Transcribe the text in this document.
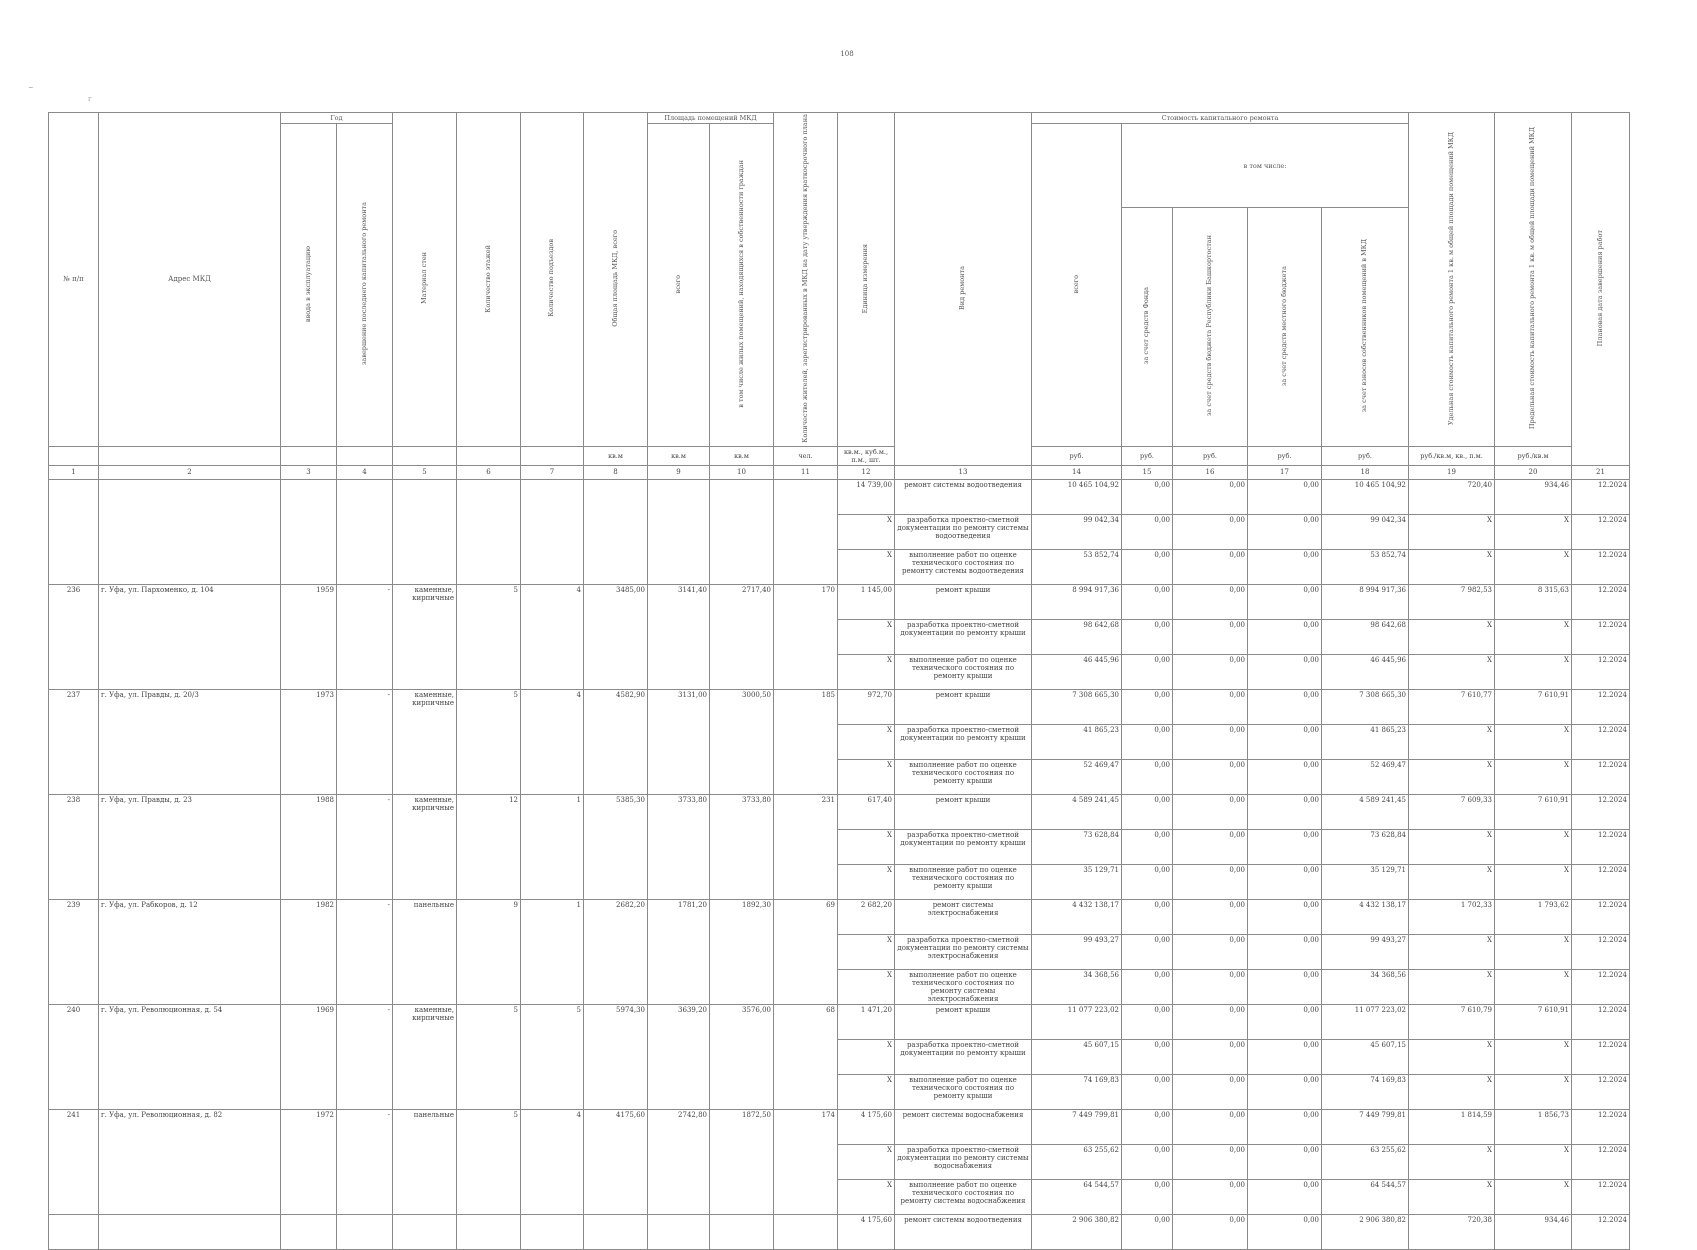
108
~
r
№ п/п	Адрес МКД	Год		Материал стен	Количество этажей	Количество подъездов	Общая площадь МКД, всего	Площадь помещений МКД		Количество жителей, зарегистрированных в МКД на дату утверждения краткосрочного плана	Единица измерения	Вид ремонта	Стоимость капитального ремонта					Удельная стоимость капитального ремонта 1 кв. м общей площади помещений МКД	Предельная стоимость капитального ремонта 1 кв. м общей площади помещений МКД	Плановая дата завершения работ
		ввода в эксплуатацию	завершение последнего капитального ремонта					всего	в том числе жилых помещений, находящихся в собственности граждан				всего	в том числе:						
														за счет средств Фонда	за счет средств бюджета Республики Башкортостан	за счет средств местного бюджета	за счет взносов собственников помещений в МКД			
							кв.м	кв.м	кв.м	чел.	кв.м., куб.м., п.м., шт.		руб.	руб.	руб.	руб.	руб.	руб./кв.м, кв., п.м.	руб./кв.м	
1	2	3	4	5	6	7	8	9	10	11	12	13	14	15	16	17	18	19	20	21
											14 739,00	ремонт системы водоотведения	10 465 104,92	0,00	0,00	0,00	10 465 104,92	720,40	934,46	12.2024
											X	разработка проектно-сметной документации по ремонту системы водоотведения	99 042,34	0,00	0,00	0,00	99 042,34	X	X	12.2024
											X	выполнение работ по оценке технического состояния по ремонту системы водоотведения	53 852,74	0,00	0,00	0,00	53 852,74	X	X	12.2024
236	г. Уфа, ул. Пархоменко, д. 104	1959	-	каменные, кирпичные	5	4	3485,00	3141,40	2717,40	170	1 145,00	ремонт крыши	8 994 917,36	0,00	0,00	0,00	8 994 917,36	7 982,53	8 315,63	12.2024
											X	разработка проектно-сметной документации по ремонту крыши	98 642,68	0,00	0,00	0,00	98 642,68	X	X	12.2024
											X	выполнение работ по оценке технического состояния по ремонту крыши	46 445,96	0,00	0,00	0,00	46 445,96	X	X	12.2024
237	г. Уфа, ул. Правды, д. 20/3	1973	-	каменные, кирпичные	5	4	4582,90	3131,00	3000,50	185	972,70	ремонт крыши	7 308 665,30	0,00	0,00	0,00	7 308 665,30	7 610,77	7 610,91	12.2024
											X	разработка проектно-сметной документации по ремонту крыши	41 865,23	0,00	0,00	0,00	41 865,23	X	X	12.2024
											X	выполнение работ по оценке технического состояния по ремонту крыши	52 469,47	0,00	0,00	0,00	52 469,47	X	X	12.2024
238	г. Уфа, ул. Правды, д. 23	1988	-	каменные, кирпичные	12	1	5385,30	3733,80	3733,80	231	617,40	ремонт крыши	4 589 241,45	0,00	0,00	0,00	4 589 241,45	7 609,33	7 610,91	12.2024
											X	разработка проектно-сметной документации по ремонту крыши	73 628,84	0,00	0,00	0,00	73 628,84	X	X	12.2024
											X	выполнение работ по оценке технического состояния по ремонту крыши	35 129,71	0,00	0,00	0,00	35 129,71	X	X	12.2024
239	г. Уфа, ул. Рабкоров, д. 12	1982	-	панельные	9	1	2682,20	1781,20	1892,30	69	2 682,20	ремонт системы электроснабжения	4 432 138,17	0,00	0,00	0,00	4 432 138,17	1 702,33	1 793,62	12.2024
											X	разработка проектно-сметной документации по ремонту системы электроснабжения	99 493,27	0,00	0,00	0,00	99 493,27	X	X	12.2024
											X	выполнение работ по оценке технического состояния по ремонту системы электроснабжения	34 368,56	0,00	0,00	0,00	34 368,56	X	X	12.2024
240	г. Уфа, ул. Революционная, д. 54	1969	-	каменные, кирпичные	5	5	5974,30	3639,20	3576,00	68	1 471,20	ремонт крыши	11 077 223,02	0,00	0,00	0,00	11 077 223,02	7 610,79	7 610,91	12.2024
											X	разработка проектно-сметной документации по ремонту крыши	45 607,15	0,00	0,00	0,00	45 607,15	X	X	12.2024
											X	выполнение работ по оценке технического состояния по ремонту крыши	74 169,83	0,00	0,00	0,00	74 169,83	X	X	12.2024
241	г. Уфа, ул. Революционная, д. 82	1972	-	панельные	5	4	4175,60	2742,80	1872,50	174	4 175,60	ремонт системы водоснабжения	7 449 799,81	0,00	0,00	0,00	7 449 799,81	1 814,59	1 856,73	12.2024
											X	разработка проектно-сметной документации по ремонту системы водоснабжения	63 255,62	0,00	0,00	0,00	63 255,62	X	X	12.2024
											X	выполнение работ по оценке технического состояния по ремонту системы водоснабжения	64 544,57	0,00	0,00	0,00	64 544,57	X	X	12.2024
											4 175,60	ремонт системы водоотведения	2 906 380,82	0,00	0,00	0,00	2 906 380,82	720,38	934,46	12.2024
